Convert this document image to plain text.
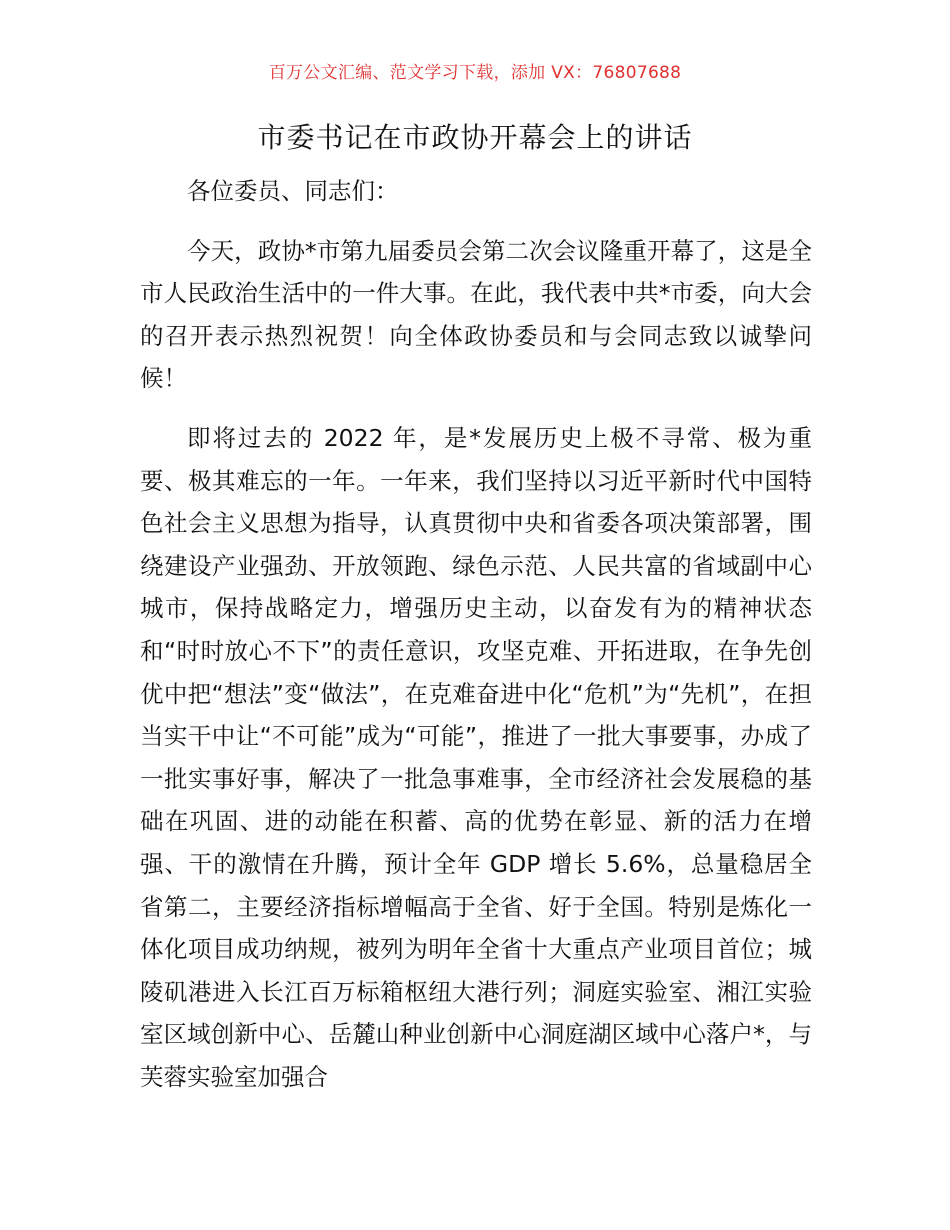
百万公文汇编、范文学习下载，添加 VX：76807688
市委书记在市政协开幕会上的讲话

各位委员、同志们：

今天，政协*市第九届委员会第二次会议隆重开幕了，这是全市人民政治生活中的一件大事。在此，我代表中共*市委，向大会的召开表示热烈祝贺！向全体政协委员和与会同志致以诚挚问候！

即将过去的 2022 年，是*发展历史上极不寻常、极为重要、极其难忘的一年。一年来，我们坚持以习近平新时代中国特色社会主义思想为指导，认真贯彻中央和省委各项决策部署，围绕建设产业强劲、开放领跑、绿色示范、人民共富的省域副中心城市，保持战略定力，增强历史主动，以奋发有为的精神状态和“时时放心不下”的责任意识，攻坚克难、开拓进取，在争先创优中把“想法”变“做法”，在克难奋进中化“危机”为“先机”，在担当实干中让“不可能”成为“可能”，推进了一批大事要事，办成了一批实事好事，解决了一批急事难事，全市经济社会发展稳的基础在巩固、进的动能在积蓄、高的优势在彰显、新的活力在增强、干的激情在升腾，预计全年 GDP 增长 5.6%，总量稳居全省第二，主要经济指标增幅高于全省、好于全国。特别是炼化一体化项目成功纳规，被列为明年全省十大重点产业项目首位；城陵矶港进入长江百万标箱枢纽大港行列；洞庭实验室、湘江实验室区域创新中心、岳麓山种业创新中心洞庭湖区域中心落户*，与芙蓉实验室加强合
